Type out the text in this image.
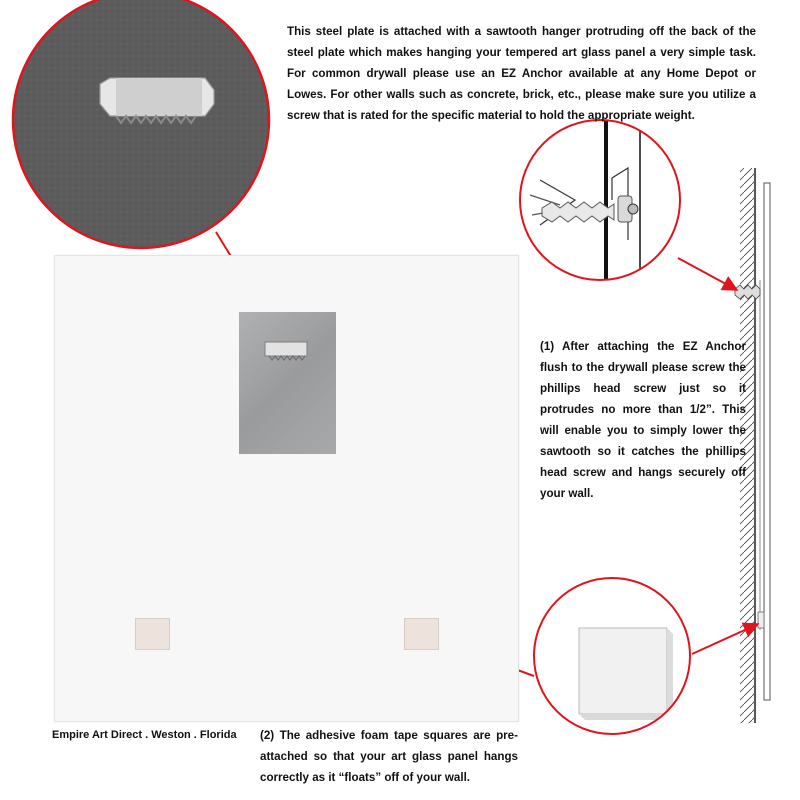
This steel plate is attached with a sawtooth hanger protruding off the back of the steel plate which makes hanging your tempered art glass panel a very simple task. For common drywall please use an EZ Anchor available at any Home Depot or Lowes. For other walls such as concrete, brick, etc., please make sure you utilize a screw that is rated for the specific material to hold the appropriate weight.
(1) After attaching the EZ Anchor flush to the drywall please screw the phillips head screw just so it protrudes no more than 1/2”. This will enable you to simply lower the sawtooth so it catches the phillips head screw and hangs securely off your wall.
(2) The adhesive foam tape squares are pre-attached so that your art glass panel hangs correctly as it “floats” off of your wall.
Empire Art Direct . Weston . Florida
